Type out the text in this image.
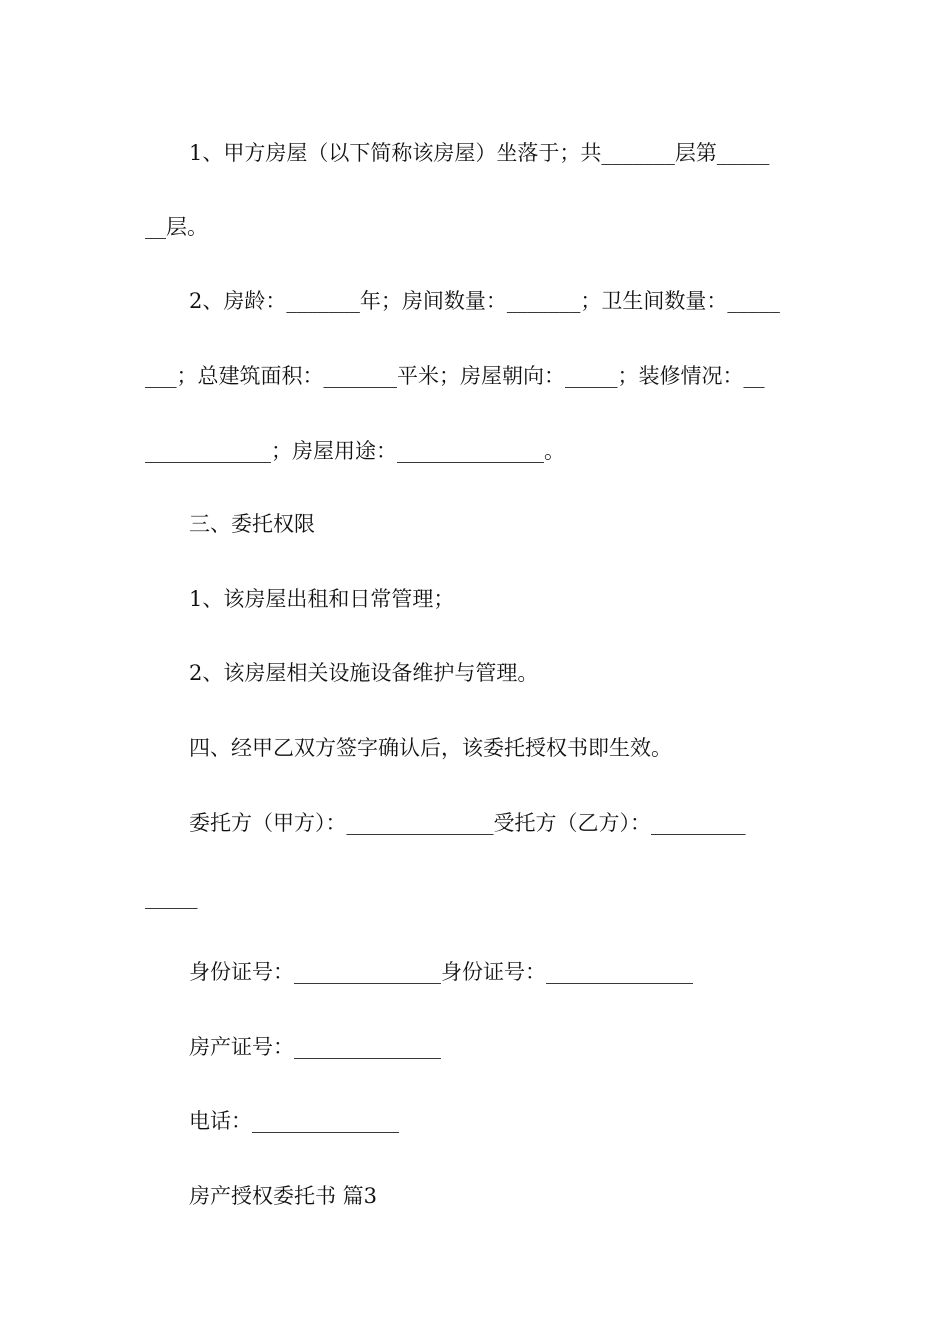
1、甲方房屋（以下简称该房屋）坐落于；共_______层第_____
__层。
2、房龄：_______年；房间数量：_______；卫生间数量：_____
___；总建筑面积：_______平米；房屋朝向：_____；装修情况：__
____________；房屋用途：______________。
三、委托权限
1、该房屋出租和日常管理；
2、该房屋相关设施设备维护与管理。
四、经甲乙双方签字确认后，该委托授权书即生效。
委托方（甲方）：______________受托方（乙方）：_________
_____
身份证号：______________身份证号：______________
房产证号：______________
电话：______________
房产授权委托书 篇3
